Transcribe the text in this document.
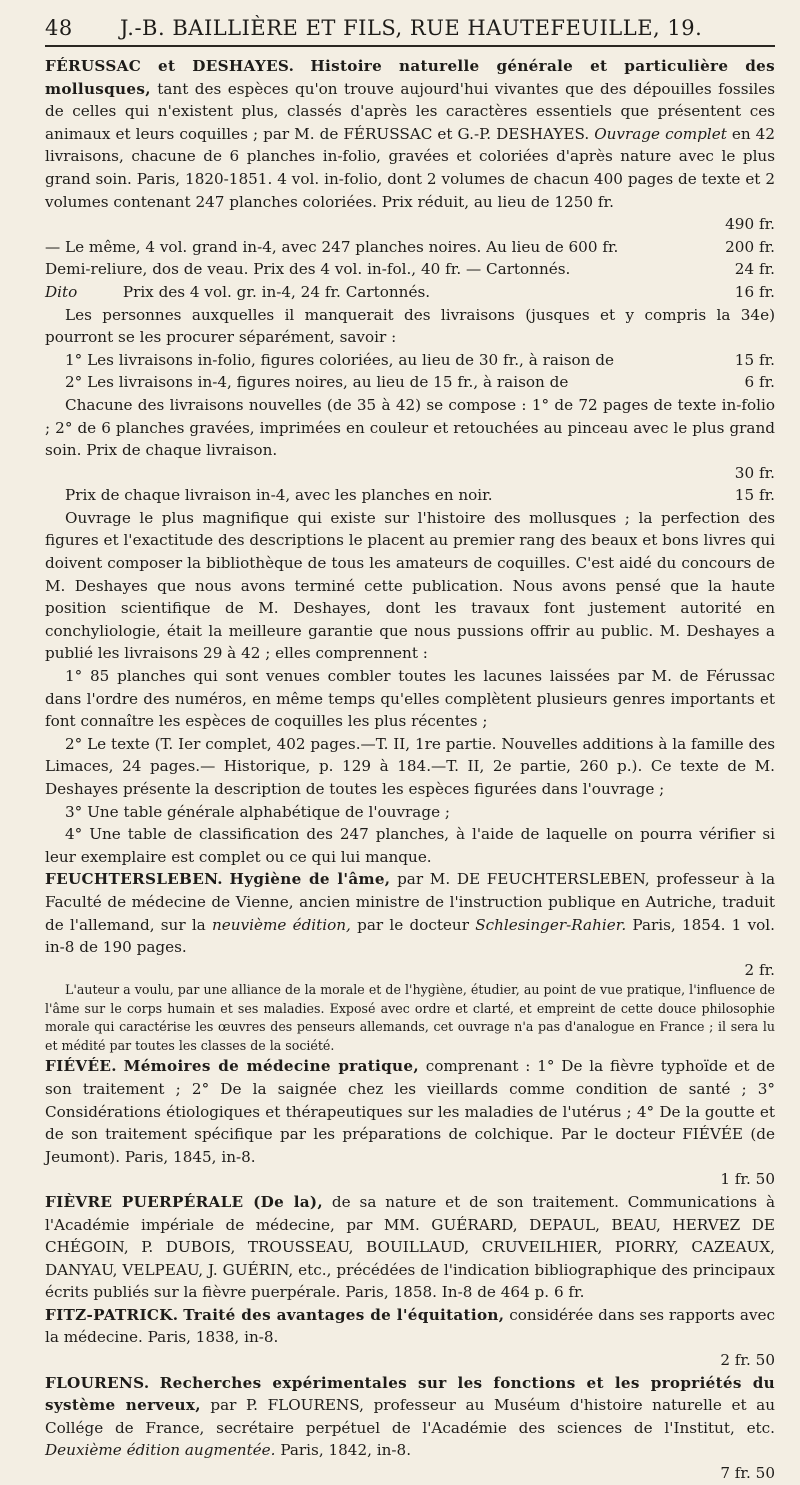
48 J.-B. BAILLIÈRE ET FILS, RUE HAUTEFEUILLE, 19.

FÉRUSSAC et DESHAYES. Histoire naturelle générale et particulière des mollusques, tant des espèces qu'on trouve aujourd'hui vivantes que des dépouilles fossiles de celles qui n'existent plus, classés d'après les caractères essentiels que présentent ces animaux et leurs coquilles ; par M. de FÉRUSSAC et G.-P. DESHAYES. Ouvrage complet en 42 livraisons, chacune de 6 planches in-folio, gravées et coloriées d'après nature avec le plus grand soin. Paris, 1820-1851. 4 vol. in-folio, dont 2 volumes de chacun 400 pages de texte et 2 volumes contenant 247 planches coloriées. Prix réduit, au lieu de 1250 fr.

490 fr.
— Le même, 4 vol. grand in-4, avec 247 planches noires. Au lieu de 600 fr.	200 fr.
Demi-reliure, dos de veau. Prix des 4 vol. in-fol., 40 fr. — Cartonnés.	24 fr.
Dito   	Prix des 4 vol. gr. in-4, 24 fr. Cartonnés.	16 fr.

Les personnes auxquelles il manquerait des livraisons (jusques et y compris la 34e) pourront se les procurer séparément, savoir :

1° Les livraisons in-folio, figures coloriées, au lieu de 30 fr., à raison de	15 fr.
2° Les livraisons in-4, figures noires, au lieu de 15 fr., à raison de	6 fr.

Chacune des livraisons nouvelles (de 35 à 42) se compose : 1° de 72 pages de texte in-folio ; 2° de 6 planches gravées, imprimées en couleur et retouchées au pinceau avec le plus grand soin. Prix de chaque livraison.

30 fr.
Prix de chaque livraison in-4, avec les planches en noir.	15 fr.

Ouvrage le plus magnifique qui existe sur l'histoire des mollusques ; la perfection des figures et l'exactitude des descriptions le placent au premier rang des beaux et bons livres qui doivent composer la bibliothèque de tous les amateurs de coquilles. C'est aidé du concours de M. Deshayes que nous avons terminé cette publication. Nous avons pensé que la haute position scientifique de M. Deshayes, dont les travaux font justement autorité en conchyliologie, était la meilleure garantie que nous pussions offrir au public. M. Deshayes a publié les livraisons 29 à 42 ; elles comprennent :

1° 85 planches qui sont venues combler toutes les lacunes laissées par M. de Férussac dans l'ordre des numéros, en même temps qu'elles complètent plusieurs genres importants et font connaître les espèces de coquilles les plus récentes ;

2° Le texte (T. Ier complet, 402 pages.—T. II, 1re partie. Nouvelles additions à la famille des Limaces, 24 pages.— Historique, p. 129 à 184.—T. II, 2e partie, 260 p.). Ce texte de M. Deshayes présente la description de toutes les espèces figurées dans l'ouvrage ;

3° Une table générale alphabétique de l'ouvrage ;

4° Une table de classification des 247 planches, à l'aide de laquelle on pourra vérifier si leur exemplaire est complet ou ce qui lui manque.

FEUCHTERSLEBEN. Hygiène de l'âme, par M. DE FEUCHTERSLEBEN, professeur à la Faculté de médecine de Vienne, ancien ministre de l'instruction publique en Autriche, traduit de l'allemand, sur la neuvième édition, par le docteur Schlesinger-Rahier. Paris, 1854. 1 vol. in-8 de 190 pages.

2 fr.

L'auteur a voulu, par une alliance de la morale et de l'hygiène, étudier, au point de vue pratique, l'influence de l'âme sur le corps humain et ses maladies. Exposé avec ordre et clarté, et empreint de cette douce philosophie morale qui caractérise les œuvres des penseurs allemands, cet ouvrage n'a pas d'analogue en France ; il sera lu et médité par toutes les classes de la société.

FIÉVÉE. Mémoires de médecine pratique, comprenant : 1° De la fièvre typhoïde et de son traitement ; 2° De la saignée chez les vieillards comme condition de santé ; 3° Considérations étiologiques et thérapeutiques sur les maladies de l'utérus ; 4° De la goutte et de son traitement spécifique par les préparations de colchique. Par le docteur FIÉVÉE (de Jeumont). Paris, 1845, in-8.

1 fr. 50

FIÈVRE PUERPÉRALE (De la), de sa nature et de son traitement. Communications à l'Académie impériale de médecine, par MM. GUÉRARD, DEPAUL, BEAU, HERVEZ DE CHÉGOIN, P. DUBOIS, TROUSSEAU, BOUILLAUD, CRUVEILHIER, PIORRY, CAZEAUX, DANYAU, VELPEAU, J. GUÉRIN, etc., précédées de l'indication bibliographique des principaux écrits publiés sur la fièvre puerpérale. Paris, 1858. In-8 de 464 p. 6 fr.

FITZ-PATRICK. Traité des avantages de l'équitation, considérée dans ses rapports avec la médecine. Paris, 1838, in-8.

2 fr. 50

FLOURENS. Recherches expérimentales sur les fonctions et les propriétés du système nerveux, par P. FLOURENS, professeur au Muséum d'histoire naturelle et au Collége de France, secrétaire perpétuel de l'Académie des sciences de l'Institut, etc. Deuxième édition augmentée. Paris, 1842, in-8.

7 fr. 50
